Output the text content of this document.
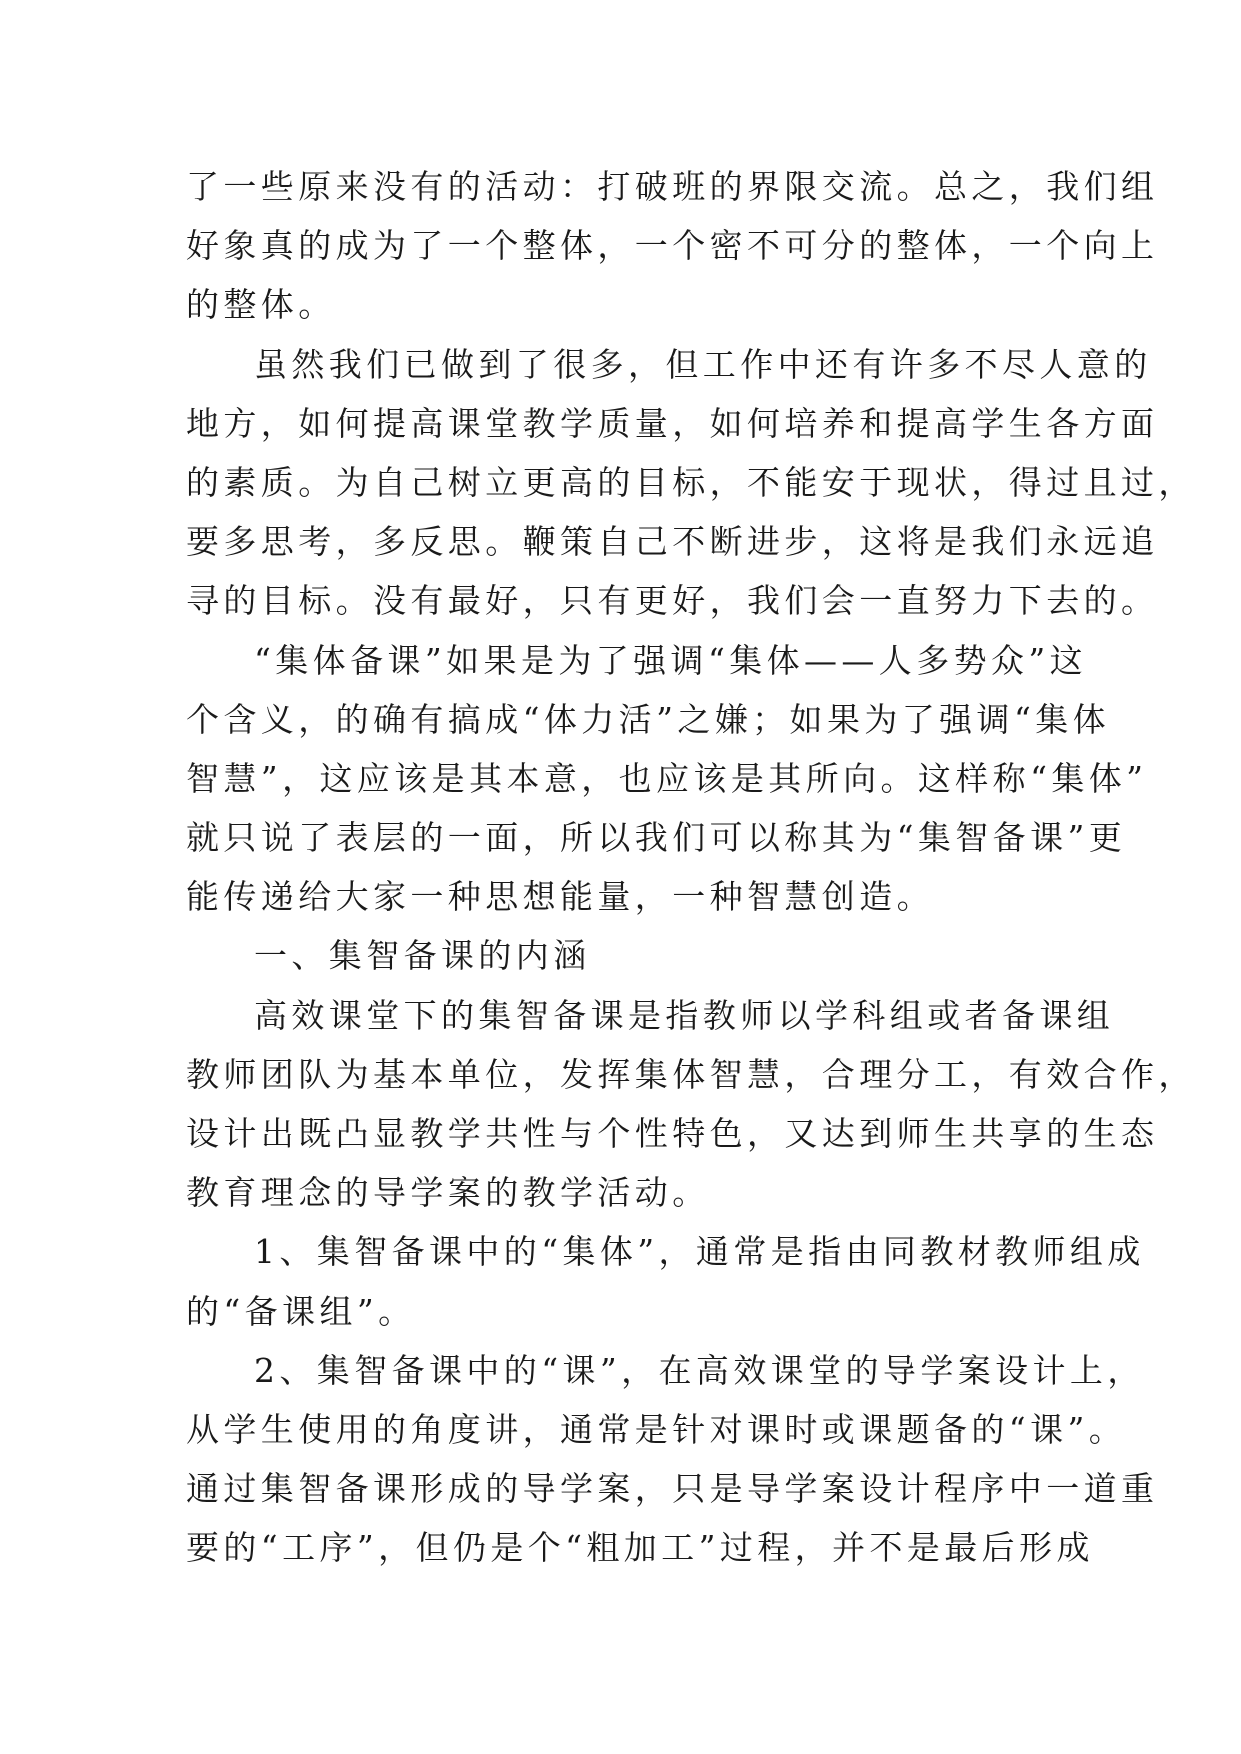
了一些原来没有的活动：打破班的界限交流。总之，我们组
好象真的成为了一个整体，一个密不可分的整体，一个向上
的整体。
虽然我们已做到了很多，但工作中还有许多不尽人意的
地方，如何提高课堂教学质量，如何培养和提高学生各方面
的素质。为自己树立更高的目标，不能安于现状，得过且过，
要多思考，多反思。鞭策自己不断进步，这将是我们永远追
寻的目标。没有最好，只有更好，我们会一直努力下去的。
“集体备课”如果是为了强调“集体——人多势众”这
个含义，的确有搞成“体力活”之嫌；如果为了强调“集体
智慧”，这应该是其本意，也应该是其所向。这样称“集体”
就只说了表层的一面，所以我们可以称其为“集智备课”更
能传递给大家一种思想能量，一种智慧创造。
一、集智备课的内涵
高效课堂下的集智备课是指教师以学科组或者备课组
教师团队为基本单位，发挥集体智慧，合理分工，有效合作，
设计出既凸显教学共性与个性特色，又达到师生共享的生态
教育理念的导学案的教学活动。
1、集智备课中的“集体”，通常是指由同教材教师组成
的“备课组”。
2、集智备课中的“课”，在高效课堂的导学案设计上，
从学生使用的角度讲，通常是针对课时或课题备的“课”。
通过集智备课形成的导学案，只是导学案设计程序中一道重
要的“工序”，但仍是个“粗加工”过程，并不是最后形成
